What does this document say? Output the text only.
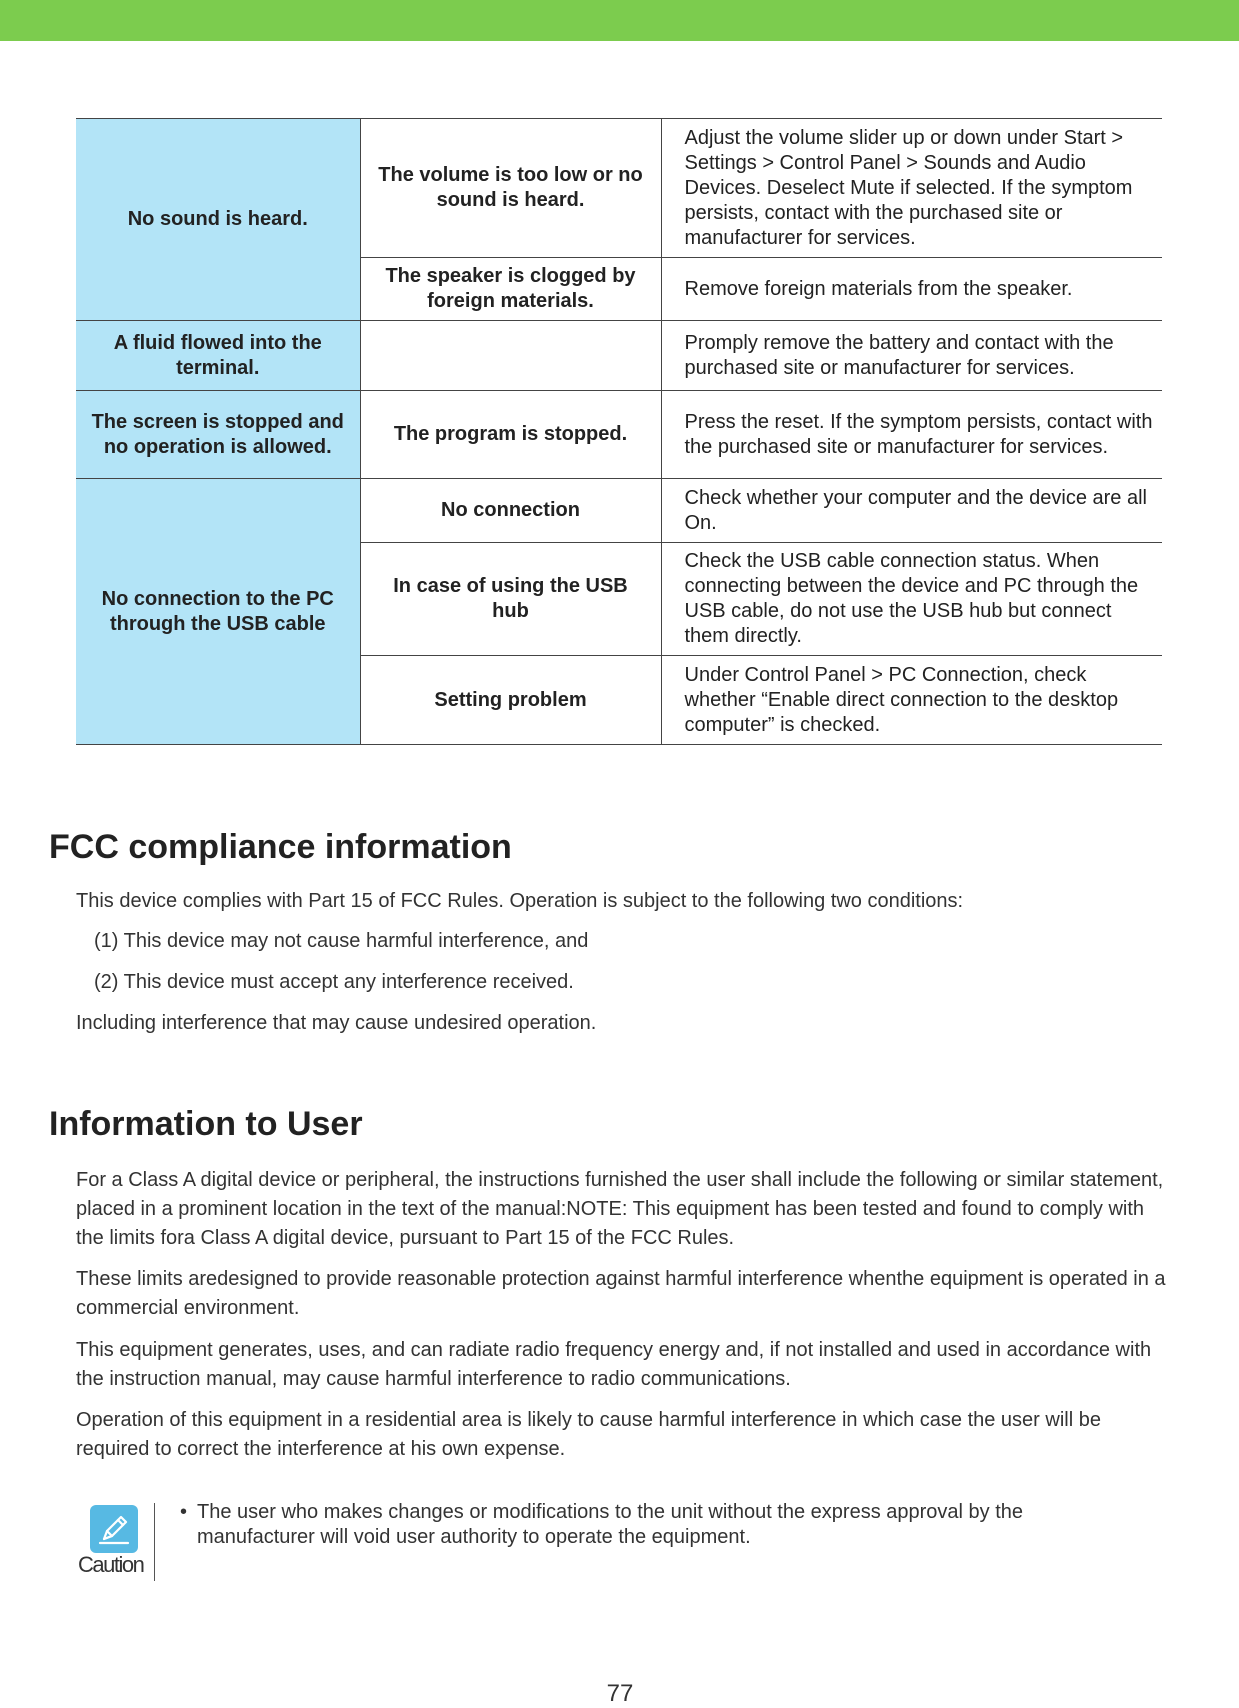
No sound is heard.	The volume is too low or no sound is heard.	Adjust the volume slider up or down under Start > Settings > Control Panel > Sounds and Audio Devices. Deselect Mute if selected. If the symptom persists, contact with the purchased site or manufacturer for services.
	The speaker is clogged by foreign materials.	Remove foreign materials from the speaker.
A fluid flowed into the terminal.		Promply remove the battery and contact with the purchased site or manufacturer for services.
The screen is stopped and no operation is allowed.	The program is stopped.	Press the reset. If the symptom persists, contact with the purchased site or manufacturer for services.
No connection to the PC through the USB cable	No connection	Check whether your computer and the device are all On.
	In case of using the USB hub	Check the USB cable connection status. When connecting between the device and PC through the USB cable, do not use the USB hub but connect them directly.
	Setting problem	Under Control Panel > PC Connection, check whether “Enable direct connection to the desktop computer” is checked.
FCC compliance information

This device complies with Part 15 of FCC Rules. Operation is subject to the following two conditions:

(1) This device may not cause harmful interference, and

(2) This device must accept any interference received.

Including interference that may cause undesired operation.

Information to User

For a Class A digital device or peripheral, the instructions furnished the user shall include the following or similar statement, placed in a prominent location in the text of the manual:NOTE: This equipment has been tested and found to comply with the limits fora Class A digital device, pursuant to Part 15 of the FCC Rules.

These limits aredesigned to provide reasonable protection against harmful interference whenthe equipment is operated in a commercial environment.

This equipment generates, uses, and can radiate radio frequency energy and, if not installed and used in accordance with the instruction manual, may cause harmful interference to radio communications.

Operation of this equipment in a residential area is likely to cause harmful interference in which case the user will be required to correct the interference at his own expense.

Caution
• The user who makes changes or modifications to the unit without the express approval by the manufacturer will void user authority to operate the equipment.
77
